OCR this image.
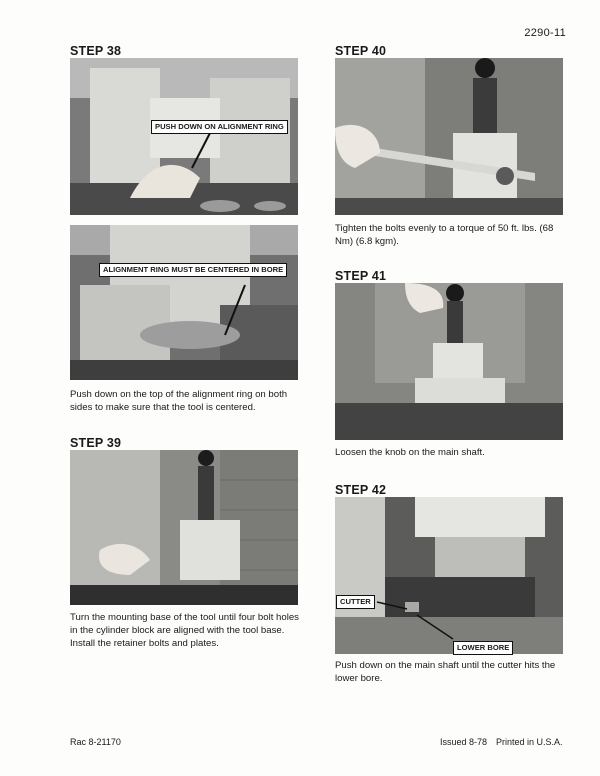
2290-11
STEP 38
PUSH DOWN ON ALIGNMENT RING
ALIGNMENT RING MUST BE CENTERED IN BORE
Push down on the top of the alignment ring on both sides to make sure that the tool is centered.
STEP 39
Turn the mounting base of the tool until four bolt holes in the cylinder block are aligned with the tool base. Install the retainer bolts and plates.
STEP 40
Tighten the bolts evenly to a torque of 50 ft. lbs. (68 Nm) (6.8 kgm).
STEP 41
Loosen the knob on the main shaft.
STEP 42
CUTTER
LOWER BORE
Push down on the main shaft until the cutter hits the lower bore.
Rac 8-21170	Issued 8-78 Printed in U.S.A.
